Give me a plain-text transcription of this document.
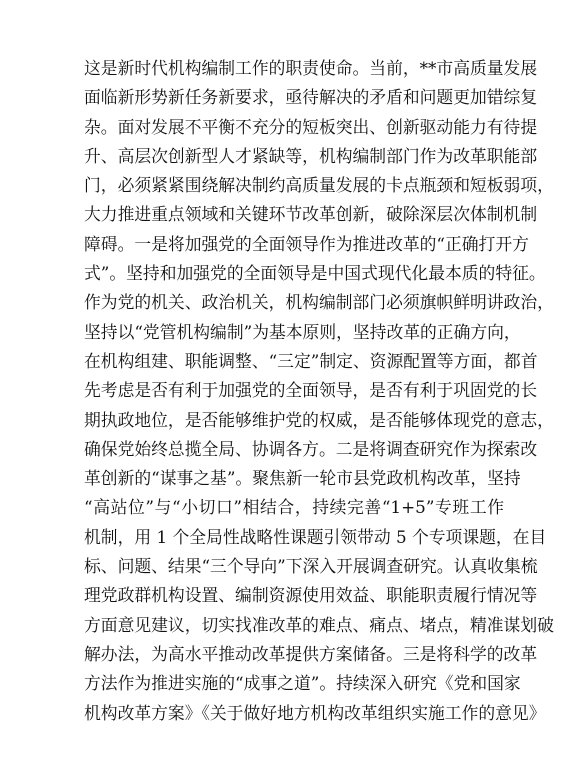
这是新时代机构编制工作的职责使命。当前，**市高质量发展
面临新形势新任务新要求，亟待解决的矛盾和问题更加错综复
杂。面对发展不平衡不充分的短板突出、创新驱动能力有待提
升、高层次创新型人才紧缺等，机构编制部门作为改革职能部
门，必须紧紧围绕解决制约高质量发展的卡点瓶颈和短板弱项，
大力推进重点领域和关键环节改革创新，破除深层次体制机制
障碍。一是将加强党的全面领导作为推进改革的“正确打开方
式”。坚持和加强党的全面领导是中国式现代化最本质的特征。
作为党的机关、政治机关，机构编制部门必须旗帜鲜明讲政治，
坚持以“党管机构编制”为基本原则，坚持改革的正确方向，
在机构组建、职能调整、“三定”制定、资源配置等方面，都首
先考虑是否有利于加强党的全面领导，是否有利于巩固党的长
期执政地位，是否能够维护党的权威，是否能够体现党的意志，
确保党始终总揽全局、协调各方。二是将调查研究作为探索改
革创新的“谋事之基”。聚焦新一轮市县党政机构改革，坚持
“高站位”与“小切口”相结合，持续完善“1+5”专班工作
机制，用 1 个全局性战略性课题引领带动 5 个专项课题，在目
标、问题、结果“三个导向”下深入开展调查研究。认真收集梳
理党政群机构设置、编制资源使用效益、职能职责履行情况等
方面意见建议，切实找准改革的难点、痛点、堵点，精准谋划破
解办法，为高水平推动改革提供方案储备。三是将科学的改革
方法作为推进实施的“成事之道”。持续深入研究《党和国家
机构改革方案》《关于做好地方机构改革组织实施工作的意见》
